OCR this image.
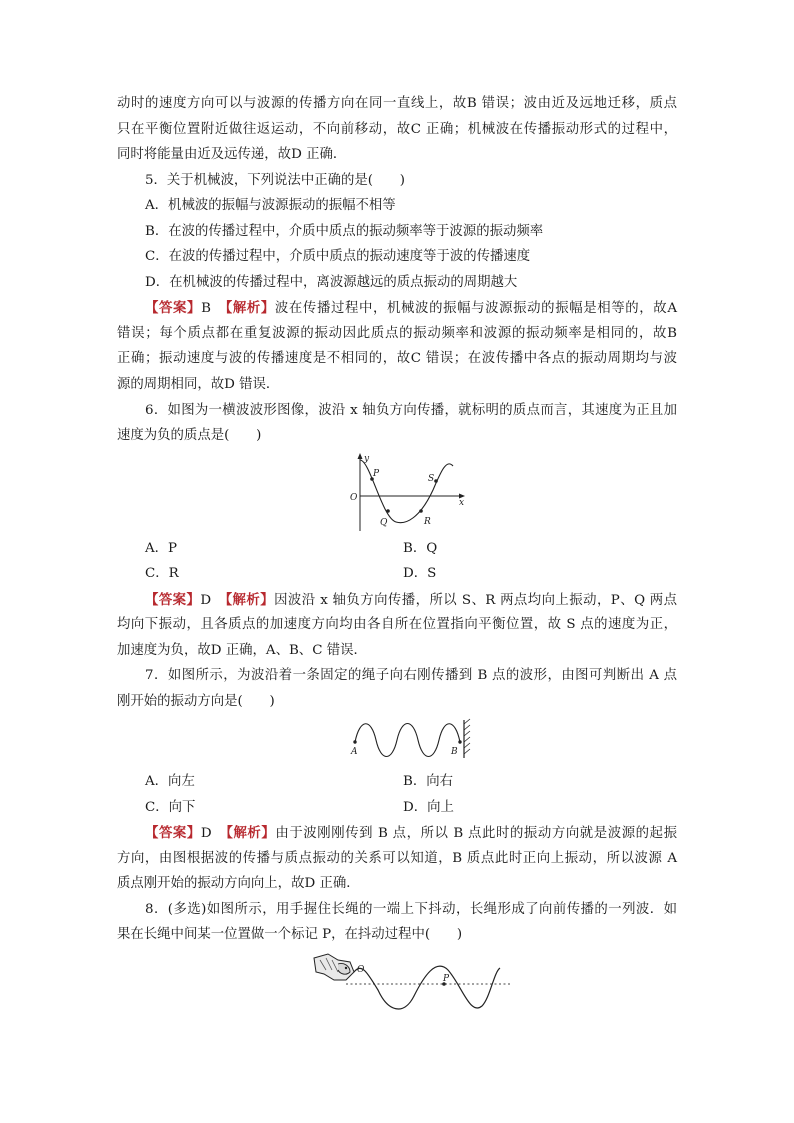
动时的速度方向可以与波源的传播方向在同一直线上，故B 错误；波由近及远地迁移，质点
只在平衡位置附近做往返运动，不向前移动，故C 正确；机械波在传播振动形式的过程中，
同时将能量由近及远传递，故D 正确．
5．关于机械波，下列说法中正确的是(　　)
A．机械波的振幅与波源振动的振幅不相等
B．在波的传播过程中，介质中质点的振动频率等于波源的振动频率
C．在波的传播过程中，介质中质点的振动速度等于波的传播速度
D．在机械波的传播过程中，离波源越远的质点振动的周期越大
【答案】B　 【解析】波在传播过程中，机械波的振幅与波源振动的振幅是相等的，故A
错误；每个质点都在重复波源的振动因此质点的振动频率和波源的振动频率是相同的，故B
正确；振动速度与波的传播速度是不相同的，故C 错误；在波传播中各点的振动周期均与波
源的周期相同，故D 错误．
6．如图为一横波波形图像，波沿 x 轴负方向传播，就标明的质点而言，其速度为正且加
速度为负的质点是(　　)
y
x
O
P
Q	R
S
A．P	B．Q
C．R	D．S
【答案】D　 【解析】因波沿 x 轴负方向传播，所以 S、R 两点均向上振动，P、Q 两点
均向下振动，且各质点的加速度方向均由各自所在位置指向平衡位置，故 S 点的速度为正，
加速度为负，故D 正确，A、B、C 错误．
7．如图所示，为波沿着一条固定的绳子向右刚传播到 B 点的波形，由图可判断出 A 点
刚开始的振动方向是(　　)
A	B
A．向左	B．向右
C．向下	D．向上
【答案】D　 【解析】由于波刚刚传到 B 点，所以 B 点此时的振动方向就是波源的起振
方向，由图根据波的传播与质点振动的关系可以知道，B 质点此时正向上振动，所以波源 A
质点刚开始的振动方向向上，故D 正确．
8．(多选)如图所示，用手握住长绳的一端上下抖动，长绳形成了向前传播的一列波．如
果在长绳中间某一位置做一个标记 P，在抖动过程中(　　)
O
P
